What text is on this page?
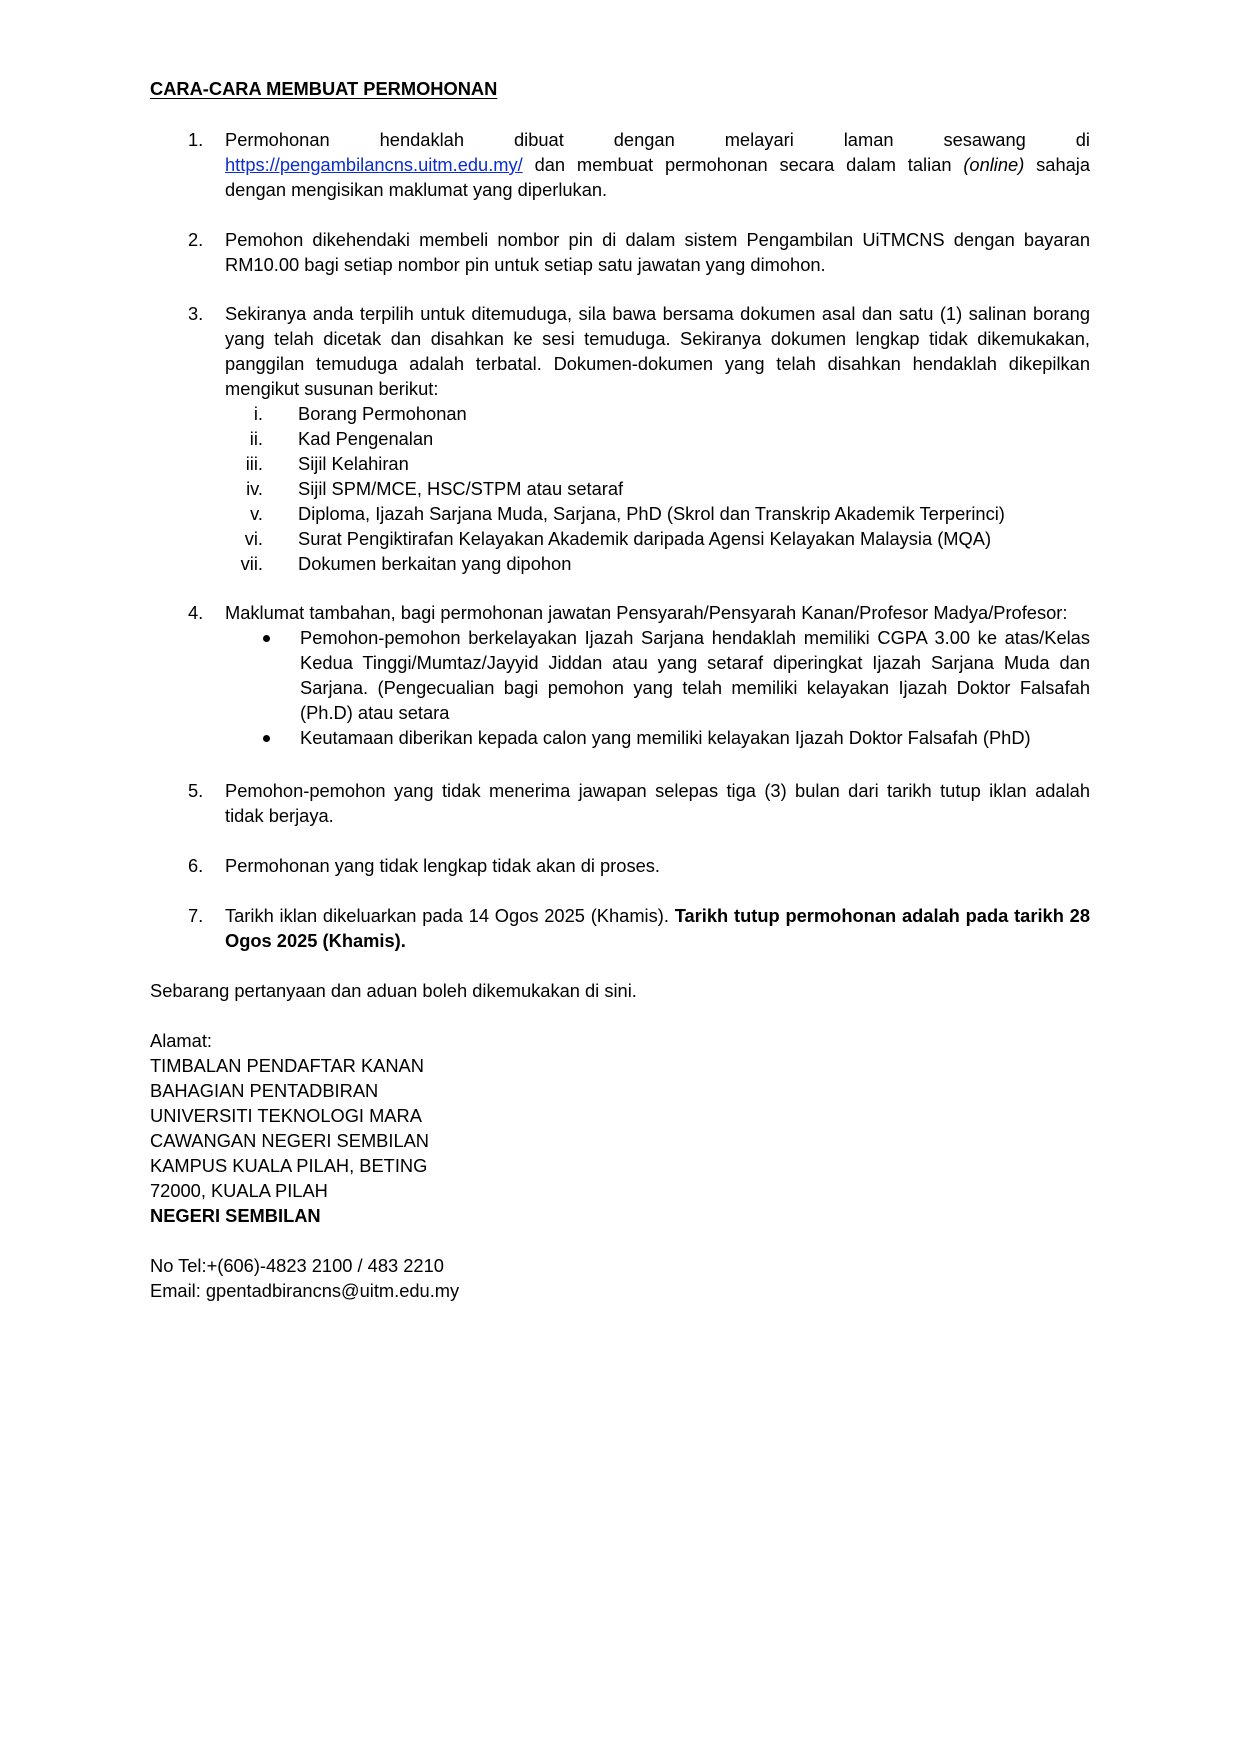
CARA-CARA MEMBUAT PERMOHONAN
1. Permohonan hendaklah dibuat dengan melayari laman sesawang di
https://pengambilancns.uitm.edu.my/ dan membuat permohonan secara dalam talian (online) sahaja dengan mengisikan maklumat yang diperlukan.
2. Pemohon dikehendaki membeli nombor pin di dalam sistem Pengambilan UiTMCNS dengan bayaran RM10.00 bagi setiap nombor pin untuk setiap satu jawatan yang dimohon.
3. Sekiranya anda terpilih untuk ditemuduga, sila bawa bersama dokumen asal dan satu (1) salinan borang yang telah dicetak dan disahkan ke sesi temuduga. Sekiranya dokumen lengkap tidak dikemukakan, panggilan temuduga adalah terbatal. Dokumen-dokumen yang telah disahkan hendaklah dikepilkan mengikut susunan berikut:
i. Borang Permohonan
ii. Kad Pengenalan
iii. Sijil Kelahiran
iv. Sijil SPM/MCE, HSC/STPM atau setaraf
v. Diploma, Ijazah Sarjana Muda, Sarjana, PhD (Skrol dan Transkrip Akademik Terperinci)
vi. Surat Pengiktirafan Kelayakan Akademik daripada Agensi Kelayakan Malaysia (MQA)
vii. Dokumen berkaitan yang dipohon
4. Maklumat tambahan, bagi permohonan jawatan Pensyarah/Pensyarah Kanan/Profesor Madya/Profesor:
Pemohon-pemohon berkelayakan Ijazah Sarjana hendaklah memiliki CGPA 3.00 ke atas/Kelas Kedua Tinggi/Mumtaz/Jayyid Jiddan atau yang setaraf diperingkat Ijazah Sarjana Muda dan Sarjana. (Pengecualian bagi pemohon yang telah memiliki kelayakan Ijazah Doktor Falsafah (Ph.D) atau setara
Keutamaan diberikan kepada calon yang memiliki kelayakan Ijazah Doktor Falsafah (PhD)
5. Pemohon-pemohon yang tidak menerima jawapan selepas tiga (3) bulan dari tarikh tutup iklan adalah tidak berjaya.
6. Permohonan yang tidak lengkap tidak akan di proses.
7. Tarikh iklan dikeluarkan pada 14 Ogos 2025 (Khamis). Tarikh tutup permohonan adalah pada tarikh 28 Ogos 2025 (Khamis).
Sebarang pertanyaan dan aduan boleh dikemukakan di sini.
Alamat:
TIMBALAN PENDAFTAR KANAN
BAHAGIAN PENTADBIRAN
UNIVERSITI TEKNOLOGI MARA
CAWANGAN NEGERI SEMBILAN
KAMPUS KUALA PILAH, BETING
72000, KUALA PILAH
NEGERI SEMBILAN
No Tel:+(606)-4823 2100 / 483 2210
Email: gpentadbirancns@uitm.edu.my
